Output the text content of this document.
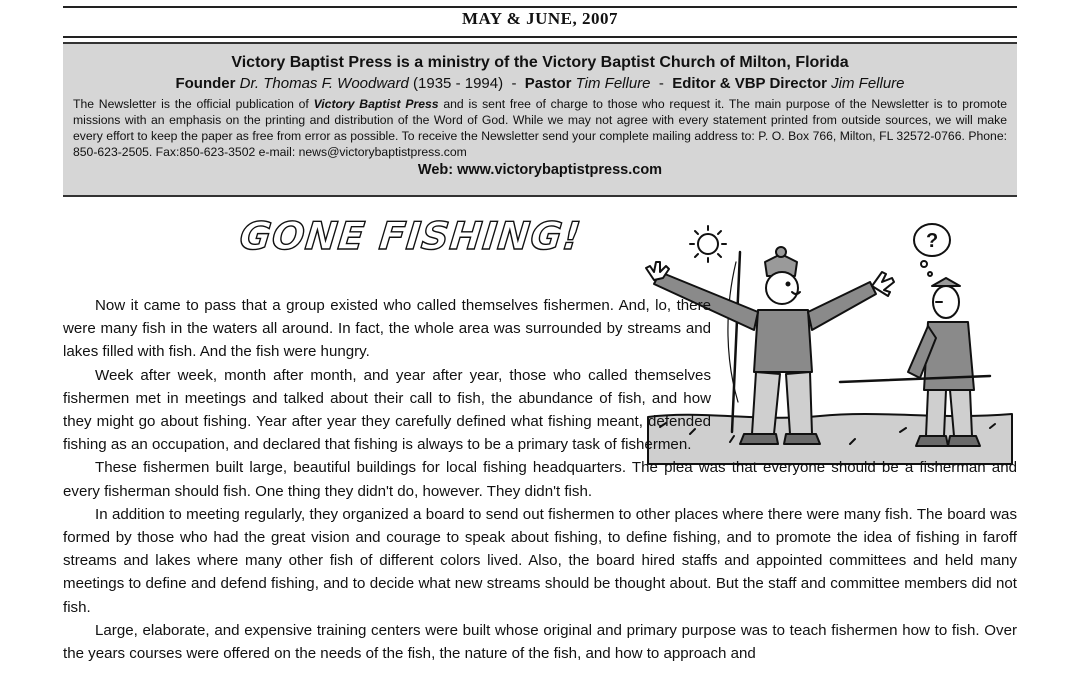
MAY & JUNE, 2007
Victory Baptist Press is a ministry of the Victory Baptist Church of Milton, Florida
Founder Dr. Thomas F. Woodward (1935 - 1994) - Pastor Tim Fellure - Editor & VBP Director Jim Fellure
The Newsletter is the official publication of Victory Baptist Press and is sent free of charge to those who request it. The main purpose of the Newsletter is to promote missions with an emphasis on the printing and distribution of the Word of God. While we may not agree with every statement printed from outside sources, we will make every effort to keep the paper as free from error as possible. To receive the Newsletter send your complete mailing address to: P. O. Box 766, Milton, FL 32572-0766. Phone: 850-623-2505. Fax:850-623-3502 e-mail: news@victorybaptistpress.com
Web: www.victorybaptistpress.com
GONE FISHING!	?

Now it came to pass that a group existed who called themselves fishermen. And, lo, there were many fish in the waters all around. In fact, the whole area was surrounded by streams and lakes filled with fish. And the fish were hungry.

Week after week, month after month, and year after year, those who called themselves fishermen met in meetings and talked about their call to fish, the abundance of fish, and how they might go about fishing. Year after year they carefully defined what fishing meant, defended fishing as an occupation, and declared that fishing is always to be a primary task of fishermen.

These fishermen built large, beautiful buildings for local fishing headquarters. The plea was that everyone should be a fisherman and every fisherman should fish. One thing they didn't do, however. They didn't fish.

In addition to meeting regularly, they organized a board to send out fishermen to other places where there were many fish. The board was formed by those who had the great vision and courage to speak about fishing, to define fishing, and to promote the idea of fishing in faroff streams and lakes where many other fish of different colors lived. Also, the board hired staffs and appointed committees and held many meetings to define and defend fishing, and to decide what new streams should be thought about. But the staff and committee members did not fish.

Large, elaborate, and expensive training centers were built whose original and primary purpose was to teach fishermen how to fish. Over the years courses were offered on the needs of the fish, the nature of the fish, and how to approach and
